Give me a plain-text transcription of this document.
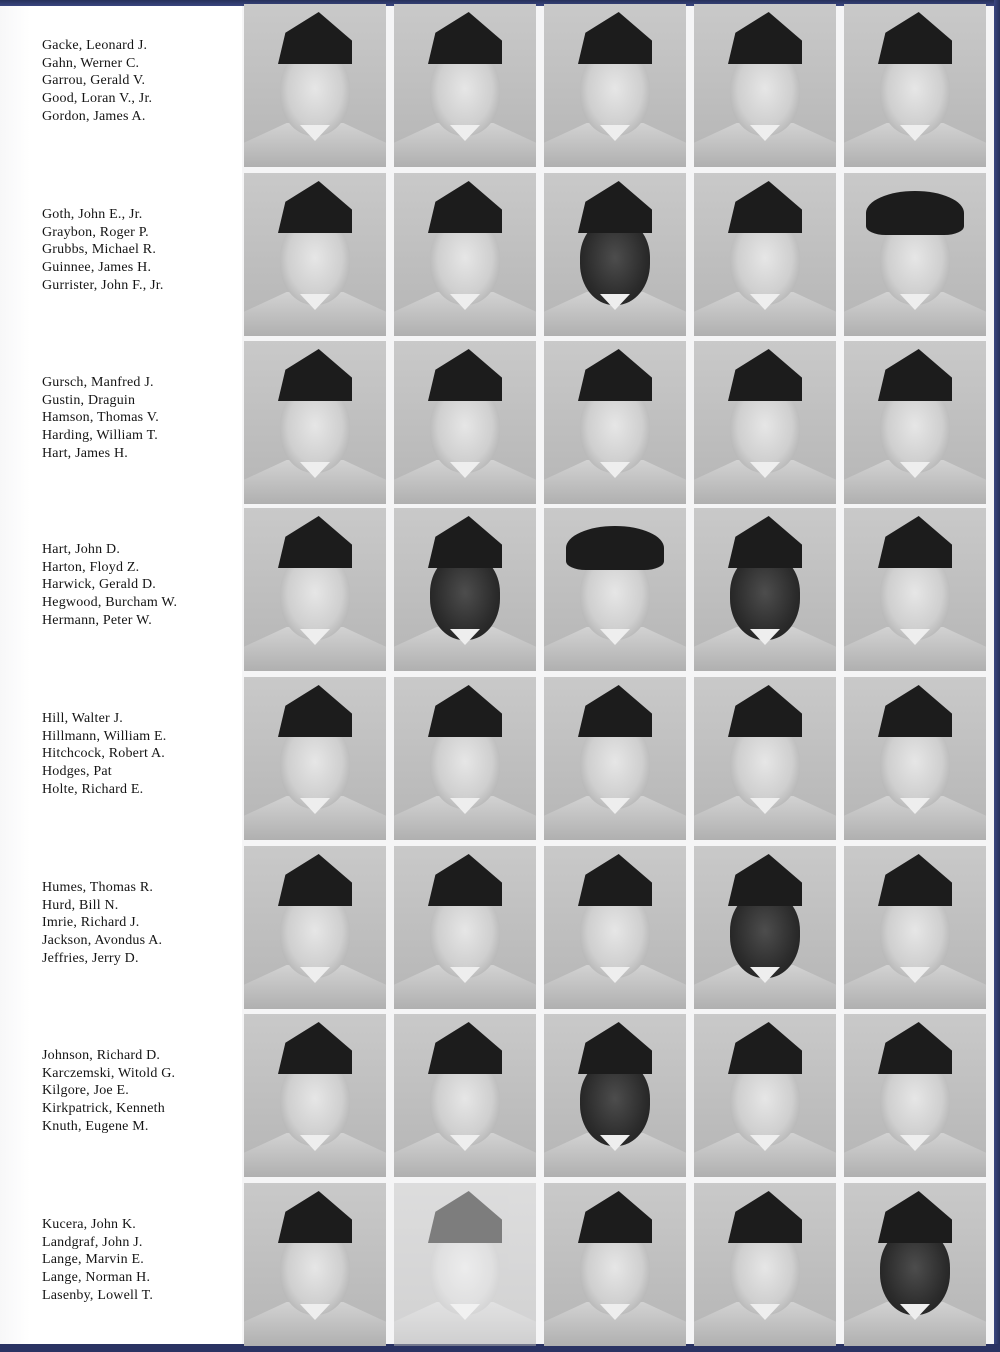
Gacke, Leonard J.
Gahn, Werner C.
Garrou, Gerald V.
Good, Loran V., Jr.
Gordon, James A.
Goth, John E., Jr.
Graybon, Roger P.
Grubbs, Michael R.
Guinnee, James H.
Gurrister, John F., Jr.
Gursch, Manfred J.
Gustin, Draguin
Hamson, Thomas V.
Harding, William T.
Hart, James H.
Hart, John D.
Harton, Floyd Z.
Harwick, Gerald D.
Hegwood, Burcham W.
Hermann, Peter W.
Hill, Walter J.
Hillmann, William E.
Hitchcock, Robert A.
Hodges, Pat
Holte, Richard E.
Humes, Thomas R.
Hurd, Bill N.
Imrie, Richard J.
Jackson, Avondus A.
Jeffries, Jerry D.
Johnson, Richard D.
Karczemski, Witold G.
Kilgore, Joe E.
Kirkpatrick, Kenneth
Knuth, Eugene M.
Kucera, John K.
Landgraf, John J.
Lange, Marvin E.
Lange, Norman H.
Lasenby, Lowell T.
